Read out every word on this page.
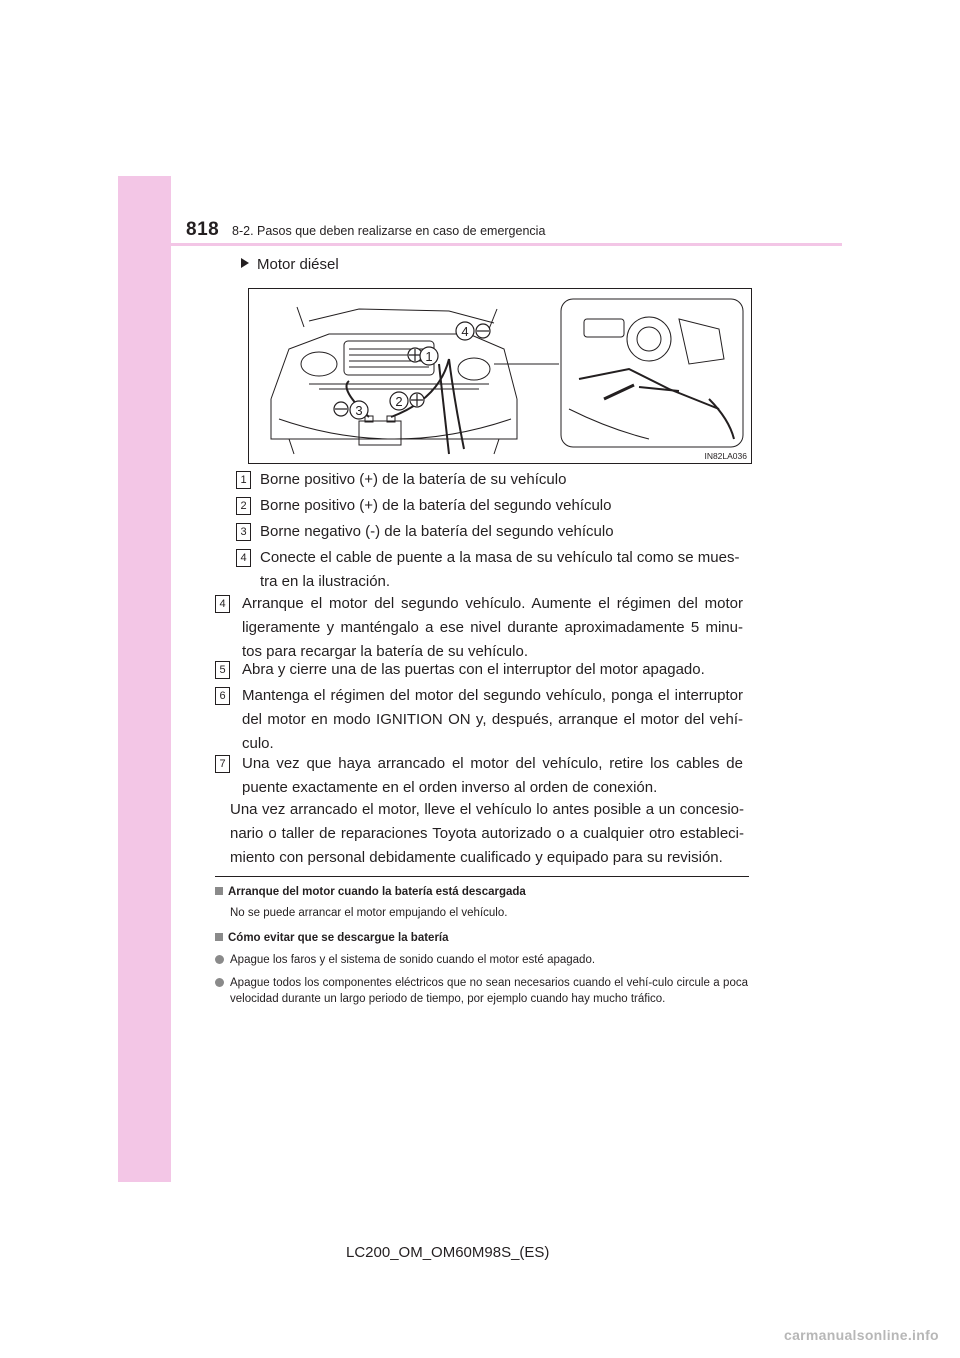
818 8-2. Pasos que deben realizarse en caso de emergencia
Motor diésel
1
2
3
4
IN82LA036
1 Borne positivo (+) de la batería de su vehículo
2 Borne positivo (+) de la batería del segundo vehículo
3 Borne negativo (-) de la batería del segundo vehículo
4 Conecte el cable de puente a la masa de su vehículo tal como se mues-tra en la ilustración.
4 Arranque el motor del segundo vehículo. Aumente el régimen del motor ligeramente y manténgalo a ese nivel durante aproximadamente 5 minu-tos para recargar la batería de su vehículo.
5 Abra y cierre una de las puertas con el interruptor del motor apagado.
6 Mantenga el régimen del motor del segundo vehículo, ponga el interruptor del motor en modo IGNITION ON y, después, arranque el motor del vehí-culo.
7 Una vez que haya arrancado el motor del vehículo, retire los cables de puente exactamente en el orden inverso al orden de conexión.
Una vez arrancado el motor, lleve el vehículo lo antes posible a un concesio-nario o taller de reparaciones Toyota autorizado o a cualquier otro estableci-miento con personal debidamente cualificado y equipado para su revisión.
Arranque del motor cuando la batería está descargada
No se puede arrancar el motor empujando el vehículo.
Cómo evitar que se descargue la batería
Apague los faros y el sistema de sonido cuando el motor esté apagado.
Apague todos los componentes eléctricos que no sean necesarios cuando el vehí-culo circule a poca velocidad durante un largo periodo de tiempo, por ejemplo cuando hay mucho tráfico.
LC200_OM_OM60M98S_(ES)
carmanualsonline.info
